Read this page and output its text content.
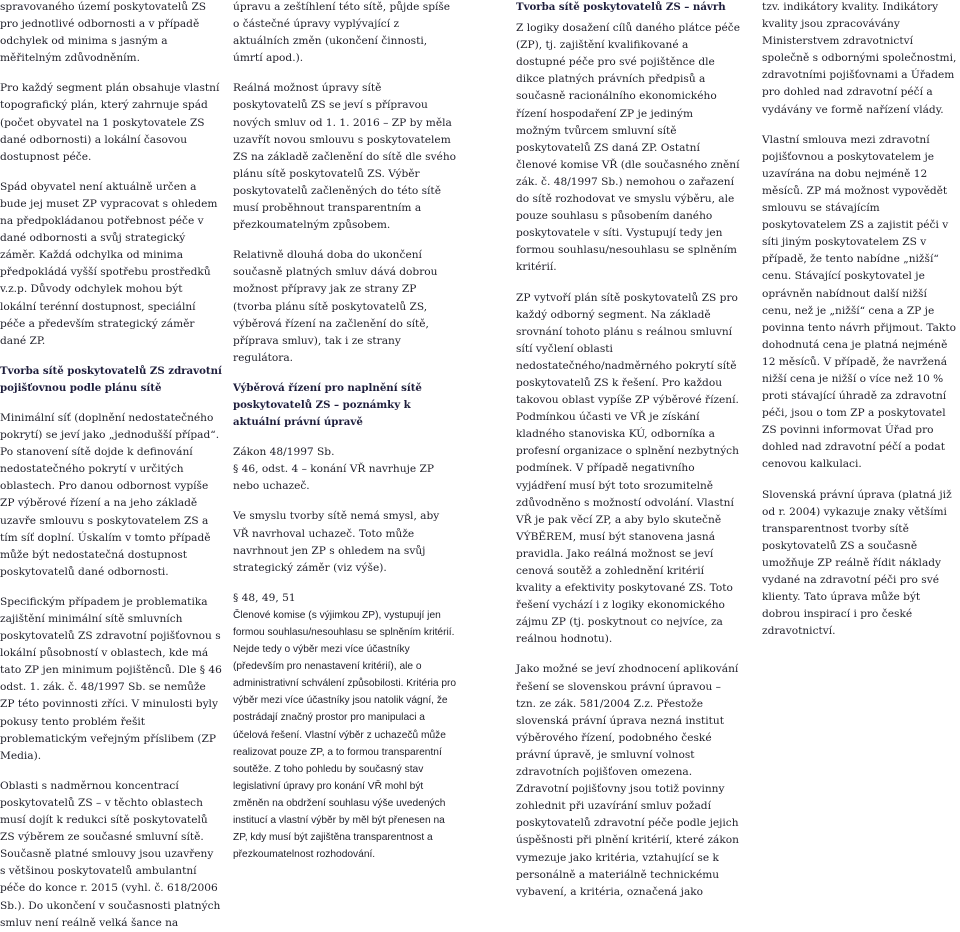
spravovaného území poskytovatelů ZS pro jednotlivé odbornosti a v případě odchylek od minima s jasným a měřitelným zdůvodněním.

Pro každý segment plán obsahuje vlastní topografický plán, který zahrnuje spád (počet obyvatel na 1 poskytovatele ZS dané odbornosti) a lokální časovou dostupnost péče.

Spád obyvatel není aktuálně určen a bude jej muset ZP vypracovat s ohledem na předpokládanou potřebnost péče v dané odbornosti a svůj strategický záměr. Každá odchylka od minima předpokládá vyšší spotřebu prostředků v.z.p. Důvody odchylek mohou být lokální terénní dostupnost, speciální péče a především strategický záměr dané ZP.

Tvorba sítě poskytovatelů ZS zdravotní pojišťovnou podle plánu sítě

Minimální síť (doplnění nedostatečného pokrytí) se jeví jako „jednodušší případ“. Po stanovení sítě dojde k definování nedostatečného pokrytí v určitých oblastech. Pro danou odbornost vypíše ZP výběrové řízení a na jeho základě uzavře smlouvu s poskytovatelem ZS a tím síť doplní. Úskalím v tomto případě může být nedostatečná dostupnost poskytovatelů dané odbornosti.

Specifickým případem je problematika zajištění minimální sítě smluvních poskytovatelů ZS zdravotní pojišťovnou s lokální působností v oblastech, kde má tato ZP jen minimum pojištěnců. Dle § 46 odst. 1. zák. č. 48/1997 Sb. se nemůže ZP této povinnosti zříci. V minulosti byly pokusy tento problém řešit problematickým veřejným příslibem (ZP Media).

Oblasti s nadměrnou koncentrací poskytovatelů ZS – v těchto oblastech musí dojít k redukci sítě poskytovatelů ZS výběrem ze současné smluvní sítě. Současně platné smlouvy jsou uzavřeny s většinou poskytovatelů ambulantní péče do konce r. 2015 (vyhl. č. 618/2006 Sb.). Do ukončení v současnosti platných smluv není reálně velká šance na

úpravu a zeštíhlení této sítě, půjde spíše o částečné úpravy vyplývající z aktuálních změn (ukončení činnosti, úmrtí apod.).

Reálná možnost úpravy sítě poskytovatelů ZS se jeví s přípravou nových smluv od 1. 1. 2016 – ZP by měla uzavřít novou smlouvu s poskytovatelem ZS na základě začlenění do sítě dle svého plánu sítě poskytovatelů ZS. Výběr poskytovatelů začleněných do této sítě musí proběhnout transparentním a přezkoumatelným způsobem.

Relativně dlouhá doba do ukončení současně platných smluv dává dobrou možnost přípravy jak ze strany ZP (tvorba plánu sítě poskytovatelů ZS, výběrová řízení na začlenění do sítě, příprava smluv), tak i ze strany regulátora.

Výběrová řízení pro naplnění sítě poskytovatelů ZS – poznámky k aktuální právní úpravě

Zákon 48/1997 Sb.
§ 46, odst. 4 – konání VŘ navrhuje ZP nebo uchazeč.

Ve smyslu tvorby sítě nemá smysl, aby VŘ navrhoval uchazeč. Toto může navrhnout jen ZP s ohledem na svůj strategický záměr (viz výše).

§ 48, 49, 51

Členové komise (s výjimkou ZP), vystupují jen formou souhlasu/nesouhlasu se splněním kritérií. Nejde tedy o výběr mezi více účastníky (především pro nenastavení kritérií), ale o administrativní schválení způsobilosti. Kritéria pro výběr mezi více účastníky jsou natolik vágní, že postrádají značný prostor pro manipulaci a účelová řešení. Vlastní výběr z uchazečů může realizovat pouze ZP, a to formou transparentní soutěže. Z toho pohledu by současný stav legislativní úpravy pro konání VŘ mohl být změněn na obdržení souhlasu výše uvedených institucí a vlastní výběr by měl být přenesen na ZP, kdy musí být zajištěna transparentnost a přezkoumatelnost rozhodování.

Tvorba sítě poskytovatelů ZS – návrh

Z logiky dosažení cílů daného plátce péče (ZP), tj. zajištění kvalifikované a dostupné péče pro své pojištěnce dle dikce platných právních předpisů a současně racionálního ekonomického řízení hospodaření ZP je jediným možným tvůrcem smluvní sítě poskytovatelů ZS daná ZP. Ostatní členové komise VŘ (dle současného znění zák. č. 48/1997 Sb.) nemohou o zařazení do sítě rozhodovat ve smyslu výběru, ale pouze souhlasu s působením daného poskytovatele v síti. Vystupují tedy jen formou souhlasu/nesouhlasu se splněním kritérií.

ZP vytvoří plán sítě poskytovatelů ZS pro každý odborný segment. Na základě srovnání tohoto plánu s reálnou smluvní sítí vyčlení oblasti nedostatečného/nadměrného pokrytí sítě poskytovatelů ZS k řešení. Pro každou takovou oblast vypíše ZP výběrové řízení. Podmínkou účasti ve VŘ je získání kladného stanoviska KÚ, odborníka a profesní organizace o splnění nezbytných podmínek. V případě negativního vyjádření musí být toto srozumitelně zdůvodněno s možností odvolání. Vlastní VŘ je pak věcí ZP, a aby bylo skutečně VÝBĚREM, musí být stanovena jasná pravidla. Jako reálná možnost se jeví cenová soutěž a zohlednění kritérií kvality a efektivity poskytované ZS. Toto řešení vychází i z logiky ekonomického zájmu ZP (tj. poskytnout co nejvíce, za reálnou hodnotu).

Jako možné se jeví zhodnocení aplikování řešení se slovenskou právní úpravou – tzn. ze zák. 581/2004 Z.z. Přestože slovenská právní úprava nezná institut výběrového řízení, podobného české právní úpravě, je smluvní volnost zdravotních pojišťoven omezena. Zdravotní pojišťovny jsou totiž povinny zohlednit při uzavírání smluv požadí poskytovatelů zdravotní péče podle jejich úspěšnosti při plnění kritérií, které zákon vymezuje jako kritéria, vztahující se k personálně a materiálně technickému vybavení, a kritéria, označená jako

tzv. indikátory kvality. Indikátory kvality jsou zpracovávány Ministerstvem zdravotnictví společně s odbornými společnostmi, zdravotními pojišťovnami a Úřadem pro dohled nad zdravotní péčí a vydávány ve formě nařízení vlády.

Vlastní smlouva mezi zdravotní pojišťovnou a poskytovatelem je uzavírána na dobu nejméně 12 měsíců. ZP má možnost vypovědět smlouvu se stávajícím poskytovatelem ZS a zajistit péči v síti jiným poskytovatelem ZS v případě, že tento nabídne „nižší“ cenu. Stávající poskytovatel je oprávněn nabídnout další nižší cenu, než je „nižší“ cena a ZP je povinna tento návrh přijmout. Takto dohodnutá cena je platná nejméně 12 měsíců. V případě, že navržená nižší cena je nižší o více než 10 % proti stávající úhradě za zdravotní péči, jsou o tom ZP a poskytovatel ZS povinni informovat Úřad pro dohled nad zdravotní péčí a podat cenovou kalkulaci.

Slovenská právní úprava (platná již od r. 2004) vykazuje znaky většími transparentnost tvorby sítě poskytovatelů ZS a současně umožňuje ZP reálně řídit náklady vydané na zdravotní péči pro své klienty. Tato úprava může být dobrou inspirací i pro české zdravotnictví.
